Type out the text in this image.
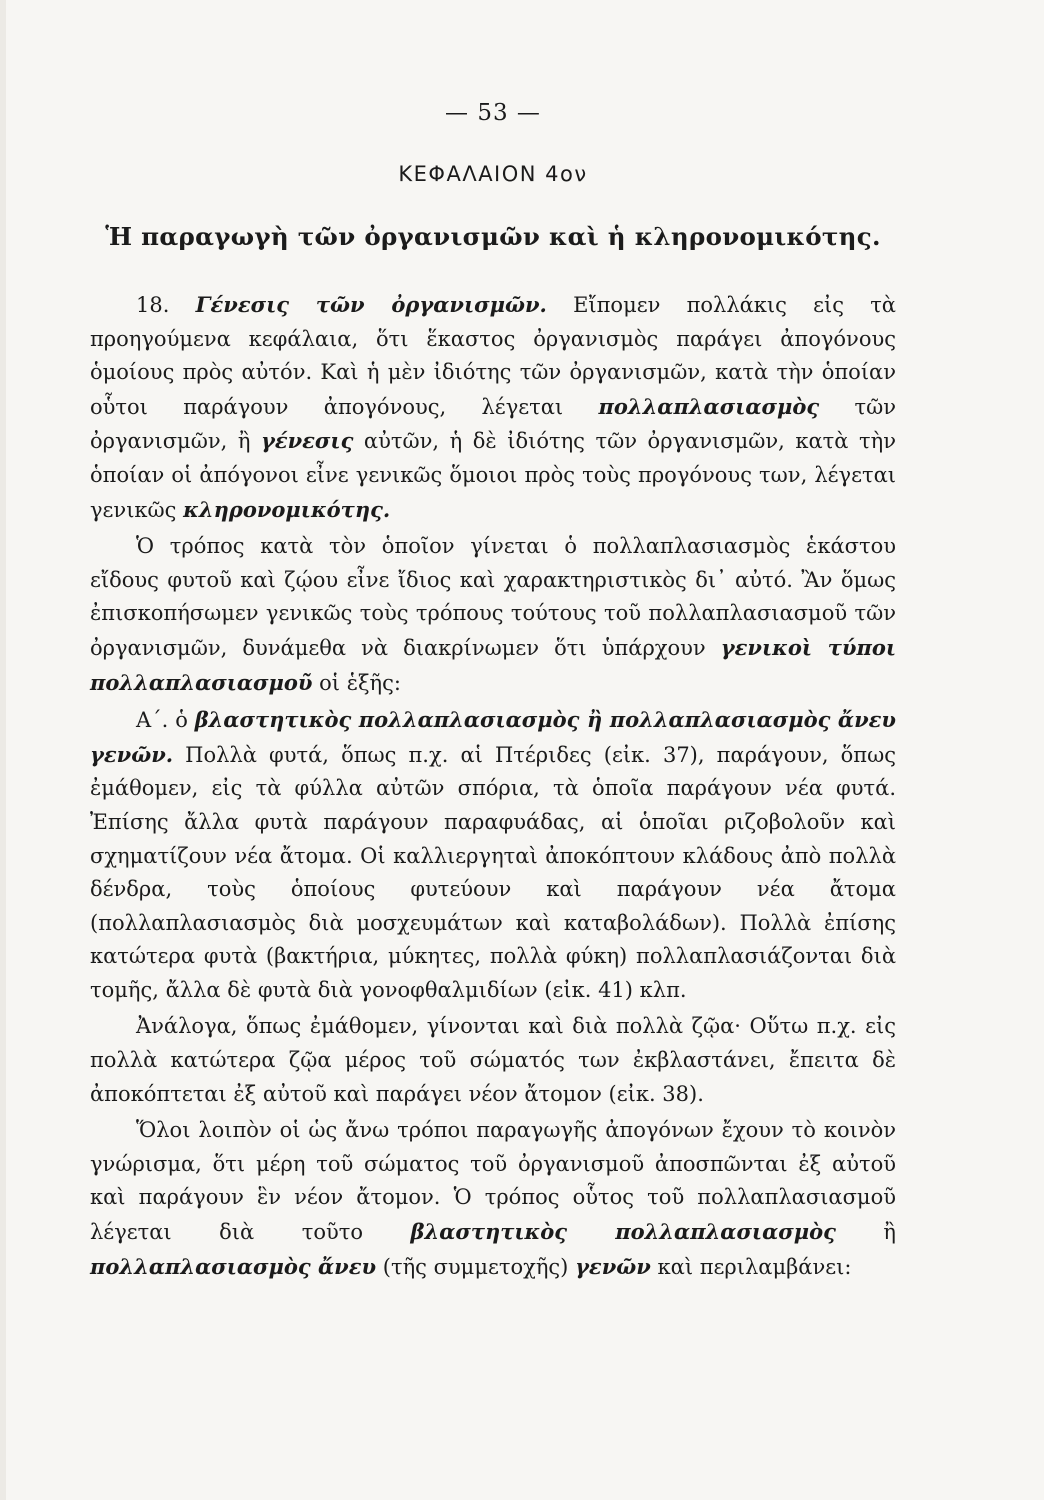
— 53 —
ΚΕΦΑΛΑΙΟΝ 4ον
Ἡ παραγωγὴ τῶν ὀργανισμῶν καὶ ἡ κληρονομικότης.

18. Γένεσις τῶν ὀργανισμῶν. Εἴπομεν πολλάκις εἰς τὰ προηγούμενα κεφάλαια, ὅτι ἕκαστος ὀργανισμὸς παράγει ἀπογόνους ὁμοίους πρὸς αὐτόν. Καὶ ἡ μὲν ἰδιότης τῶν ὀργανισμῶν, κατὰ τὴν ὁποίαν οὗτοι παράγουν ἀπογόνους, λέγεται πολλαπλασιασμὸς τῶν ὀργανισμῶν, ἢ γένεσις αὐτῶν, ἡ δὲ ἰδιότης τῶν ὀργανισμῶν, κατὰ τὴν ὁποίαν οἱ ἀπόγονοι εἶνε γενικῶς ὅμοιοι πρὸς τοὺς προγόνους των, λέγεται γενικῶς κληρονομικότης.

Ὁ τρόπος κατὰ τὸν ὁποῖον γίνεται ὁ πολλαπλασιασμὸς ἑκάστου εἴδους φυτοῦ καὶ ζῴου εἶνε ἴδιος καὶ χαρακτηριστικὸς δι᾿ αὐτό. Ἂν ὅμως ἐπισκοπήσωμεν γενικῶς τοὺς τρόπους τούτους τοῦ πολλαπλασιασμοῦ τῶν ὀργανισμῶν, δυνάμεθα νὰ διακρίνωμεν ὅτι ὑπάρχουν γενικοὶ τύποι πολλαπλασιασμοῦ οἱ ἑξῆς:

Α΄. ὁ βλαστητικὸς πολλαπλασιασμὸς ἢ πολλαπλασιασμὸς ἄνευ γενῶν. Πολλὰ φυτά, ὅπως π.χ. αἱ Πτέριδες (εἰκ. 37), παράγουν, ὅπως ἐμάθομεν, εἰς τὰ φύλλα αὐτῶν σπόρια, τὰ ὁποῖα παράγουν νέα φυτά. Ἐπίσης ἄλλα φυτὰ παράγουν παραφυάδας, αἱ ὁποῖαι ριζοβολοῦν καὶ σχηματίζουν νέα ἄτομα. Οἱ καλλιεργηταὶ ἀποκόπτουν κλάδους ἀπὸ πολλὰ δένδρα, τοὺς ὁποίους φυτεύουν καὶ παράγουν νέα ἄτομα (πολλαπλασιασμὸς διὰ μοσχευμάτων καὶ καταβολάδων). Πολλὰ ἐπίσης κατώτερα φυτὰ (βακτήρια, μύκητες, πολλὰ φύκη) πολλαπλασιάζονται διὰ τομῆς, ἄλλα δὲ φυτὰ διὰ γονοφθαλμιδίων (εἰκ. 41) κλπ.

Ἀνάλογα, ὅπως ἐμάθομεν, γίνονται καὶ διὰ πολλὰ ζῷα· Οὕτω π.χ. εἰς πολλὰ κατώτερα ζῷα μέρος τοῦ σώματός των ἐκβλαστάνει, ἔπειτα δὲ ἀποκόπτεται ἐξ αὐτοῦ καὶ παράγει νέον ἄτομον (εἰκ. 38).

Ὅλοι λοιπὸν οἱ ὡς ἄνω τρόποι παραγωγῆς ἀπογόνων ἔχουν τὸ κοινὸν γνώρισμα, ὅτι μέρη τοῦ σώματος τοῦ ὀργανισμοῦ ἀποσπῶνται ἐξ αὐτοῦ καὶ παράγουν ἓν νέον ἄτομον. Ὁ τρόπος οὗτος τοῦ πολλαπλασιασμοῦ λέγεται διὰ τοῦτο βλαστητικὸς πολλαπλασιασμὸς ἢ πολλαπλασιασμὸς ἄνευ (τῆς συμμετοχῆς) γενῶν καὶ περιλαμβάνει:
